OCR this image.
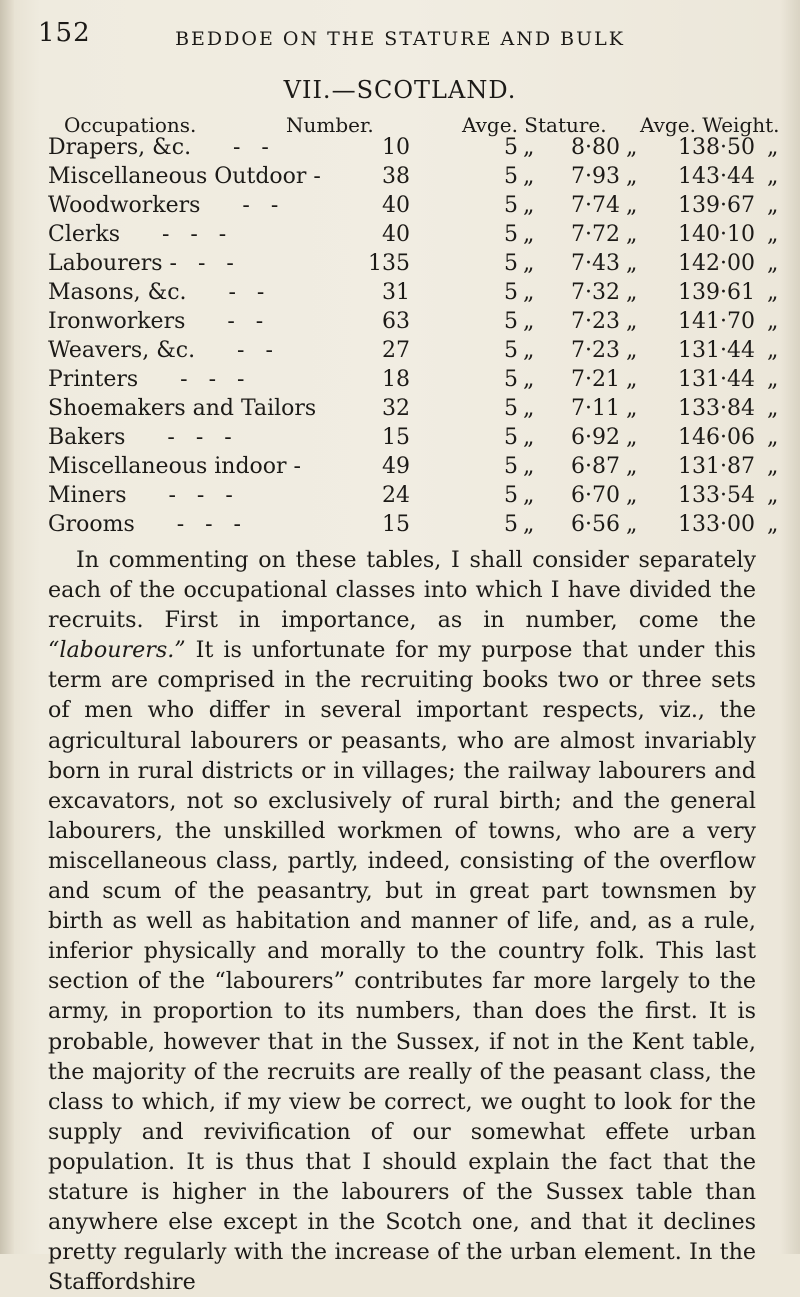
152	BEDDOE ON THE STATURE AND BULK
VII.—SCOTLAND.
Occupations.	Number.	Avge. Stature. Avge. Weight.
Drapers, &c.      -   -	10	5 „	8·80 „	138·50 „
Miscellaneous Outdoor -	38	5 „	7·93 „	143·44 „
Woodworkers      -   -	40	5 „	7·74 „	139·67 „
Clerks      -   -   -	40	5 „	7·72 „	140·10 „
Labourers -   -   -	135	5 „	7·43 „	142·00 „
Masons, &c.      -   -	31	5 „	7·32 „	139·61 „
Ironworkers      -   -	63	5 „	7·23 „	141·70 „
Weavers, &c.      -   -	27	5 „	7·23 „	131·44 „
Printers      -   -   -	18	5 „	7·21 „	131·44 „
Shoemakers and Tailors	32	5 „	7·11 „	133·84 „
Bakers      -   -   -	15	5 „	6·92 „	146·06 „
Miscellaneous indoor -	49	5 „	6·87 „	131·87 „
Miners      -   -   -	24	5 „	6·70 „	133·54 „
Grooms      -   -   -	15	5 „	6·56 „	133·00 „

In commenting on these tables, I shall consider separately each of the occupational classes into which I have divided the recruits. First in importance, as in number, come the “labourers.” It is unfortunate for my purpose that under this term are comprised in the recruiting books two or three sets of men who differ in several important respects, viz., the agricultural labourers or peasants, who are almost invariably born in rural districts or in villages; the railway labourers and excavators, not so exclusively of rural birth; and the general labourers, the unskilled workmen of towns, who are a very miscellaneous class, partly, indeed, consisting of the overflow and scum of the peasantry, but in great part townsmen by birth as well as habitation and manner of life, and, as a rule, inferior physically and morally to the country folk. This last section of the “labourers” contributes far more largely to the army, in proportion to its numbers, than does the first. It is probable, however that in the Sussex, if not in the Kent table, the majority of the recruits are really of the peasant class, the class to which, if my view be correct, we ought to look for the supply and revivification of our somewhat effete urban population. It is thus that I should explain the fact that the stature is higher in the labourers of the Sussex table than anywhere else except in the Scotch one, and that it declines pretty regularly with the increase of the urban element. In the Staffordshire
